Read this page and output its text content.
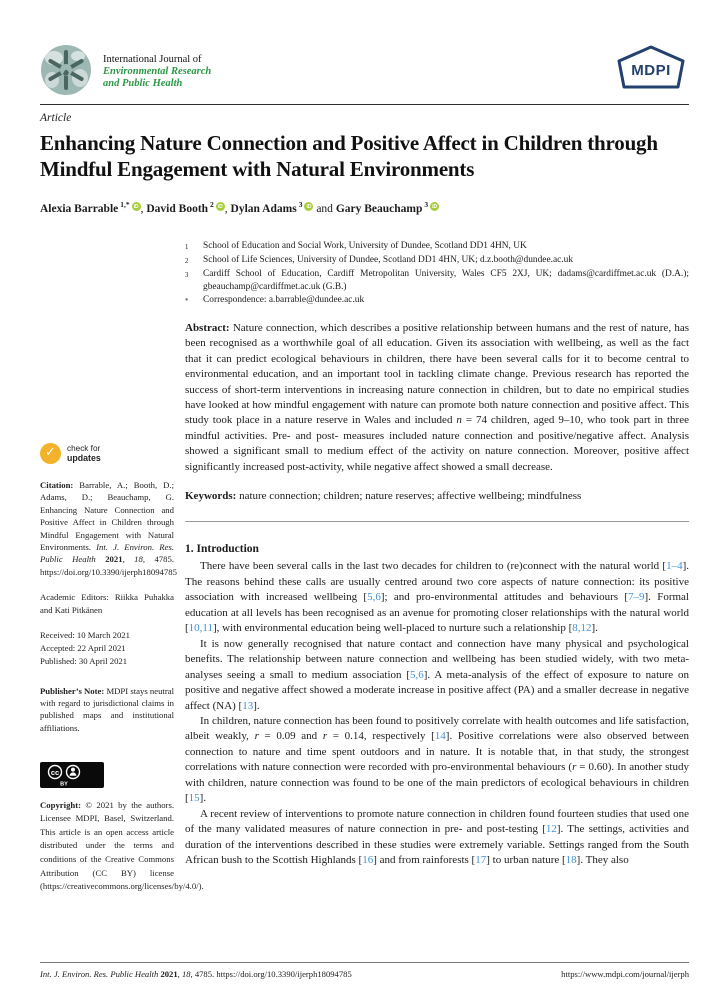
International Journal of
Environmental Research
and Public Health
MDPI
Article
Enhancing Nature Connection and Positive Affect in Children through Mindful Engagement with Natural Environments
Alexia Barrable $^{1,*}$ iD , David Booth $^2$ iD , Dylan Adams $^3$ iD and Gary Beauchamp $^3$ iD
1	School of Education and Social Work, University of Dundee, Scotland DD1 4HN, UK
2	School of Life Sciences, University of Dundee, Scotland DD1 4HN, UK; d.z.booth@dundee.ac.uk
3	Cardiff School of Education, Cardiff Metropolitan University, Wales CF5 2XJ, UK; dadams@cardiffmet.ac.uk (D.A.); gbeauchamp@cardiffmet.ac.uk (G.B.)
*	Correspondence: a.barrable@dundee.ac.uk
Abstract: Nature connection, which describes a positive relationship between humans and the rest of nature, has been recognised as a worthwhile goal of all education. Given its association with wellbeing, as well as the fact that it can predict ecological behaviours in children, there have been several calls for it to become central to environmental education, and an important tool in tackling climate change. Previous research has reported the success of short-term interventions in increasing nature connection in children, but to date no empirical studies have looked at how mindful engagement with nature can promote both nature connection and positive affect. This study took place in a nature reserve in Wales and included n = 74 children, aged 9–10, who took part in three mindful activities. Pre- and post- measures included nature connection and positive/negative affect. Analysis showed a significant small to medium effect of the activity on nature connection. Moreover, positive affect significantly increased post-activity, while negative affect showed a small decrease.
Keywords: nature connection; children; nature reserves; affective wellbeing; mindfulness
1. Introduction

There have been several calls in the last two decades for children to (re)connect with the natural world [1–4]. The reasons behind these calls are usually centred around two core aspects of nature connection: its positive association with increased wellbeing [5,6]; and pro-environmental attitudes and behaviours [7–9]. Formal education at all levels has been recognised as an avenue for promoting closer relationships with the natural world [10,11], with environmental education being well-placed to nurture such a relationship [8,12].

It is now generally recognised that nature contact and connection have many physical and psychological benefits. The relationship between nature connection and wellbeing has been studied widely, with two meta-analyses seeing a small to medium association [5,6]. A meta-analysis of the effect of exposure to nature on positive and negative affect showed a moderate increase in positive affect (PA) and a smaller decrease in negative affect (NA) [13].

In children, nature connection has been found to positively correlate with health outcomes and life satisfaction, albeit weakly, r = 0.09 and r = 0.14, respectively [14]. Positive correlations were also observed between connection to nature and time spent outdoors and in nature. It is notable that, in that study, the strongest correlations with nature connection were recorded with pro-environmental behaviours (r = 0.60). In another study with children, nature connection was found to be one of the main predictors of ecological behaviours in children [15].

A recent review of interventions to promote nature connection in children found fourteen studies that used one of the many validated measures of nature connection in pre- and post-testing [12]. The settings, activities and duration of the interventions described in these studies were extremely variable. Settings ranged from the South African bush to the Scottish Highlands [16] and from rainforests [17] to urban nature [18]. They also

✓ check for
updates
Citation: Barrable, A.; Booth, D.; Adams, D.; Beauchamp, G. Enhancing Nature Connection and Positive Affect in Children through Mindful Engagement with Natural Environments. Int. J. Environ. Res. Public Health 2021, 18, 4785. https://doi.org/10.3390/ijerph18094785
Academic Editors: Riikka Puhakka and Kati Pitkänen
Received: 10 March 2021
Accepted: 22 April 2021
Published: 30 April 2021
Publisher’s Note: MDPI stays neutral with regard to jurisdictional claims in published maps and institutional affiliations.
cc
BY
Copyright: © 2021 by the authors. Licensee MDPI, Basel, Switzerland. This article is an open access article distributed under the terms and conditions of the Creative Commons Attribution (CC BY) license (https://creativecommons.org/licenses/by/4.0/).
Int. J. Environ. Res. Public Health 2021, 18, 4785. https://doi.org/10.3390/ijerph18094785	https://www.mdpi.com/journal/ijerph
